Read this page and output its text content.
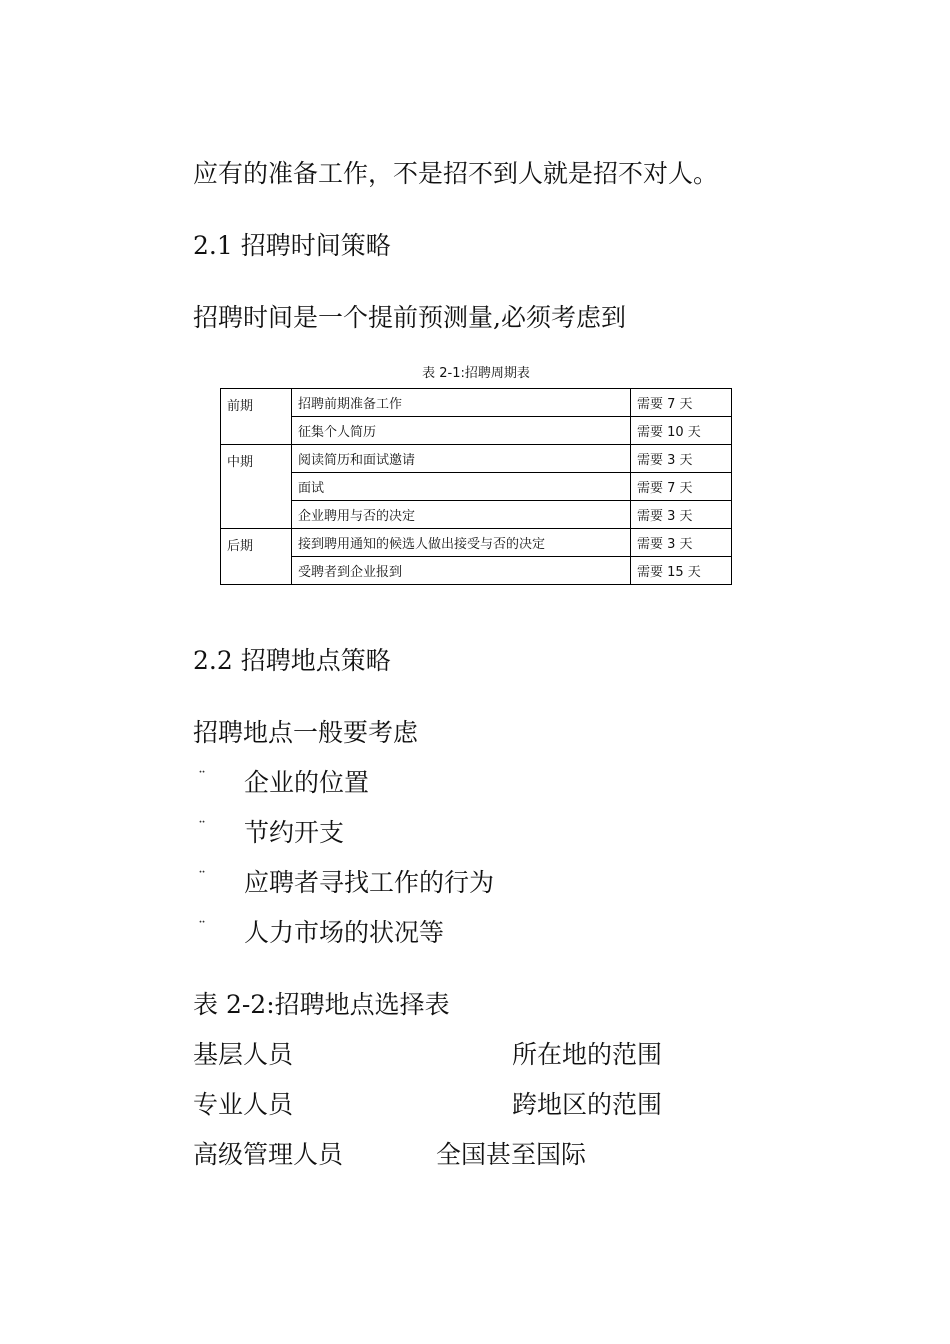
应有的准备工作，不是招不到人就是招不对人。
2.1 招聘时间策略
招聘时间是一个提前预测量,必须考虑到
表 2-1:招聘周期表
前期	招聘前期准备工作	需要 7 天
	征集个人简历	需要 10 天
中期	阅读简历和面试邀请	需要 3 天
	面试	需要 7 天
	企业聘用与否的决定	需要 3 天
后期	接到聘用通知的候选人做出接受与否的决定	需要 3 天
	受聘者到企业报到	需要 15 天
2.2 招聘地点策略
招聘地点一般要考虑
¨ 企业的位置
¨ 节约开支
¨ 应聘者寻找工作的行为
¨ 人力市场的状况等
表 2-2:招聘地点选择表
基层人员	所在地的范围
专业人员	跨地区的范围
高级管理人员	全国甚至国际
